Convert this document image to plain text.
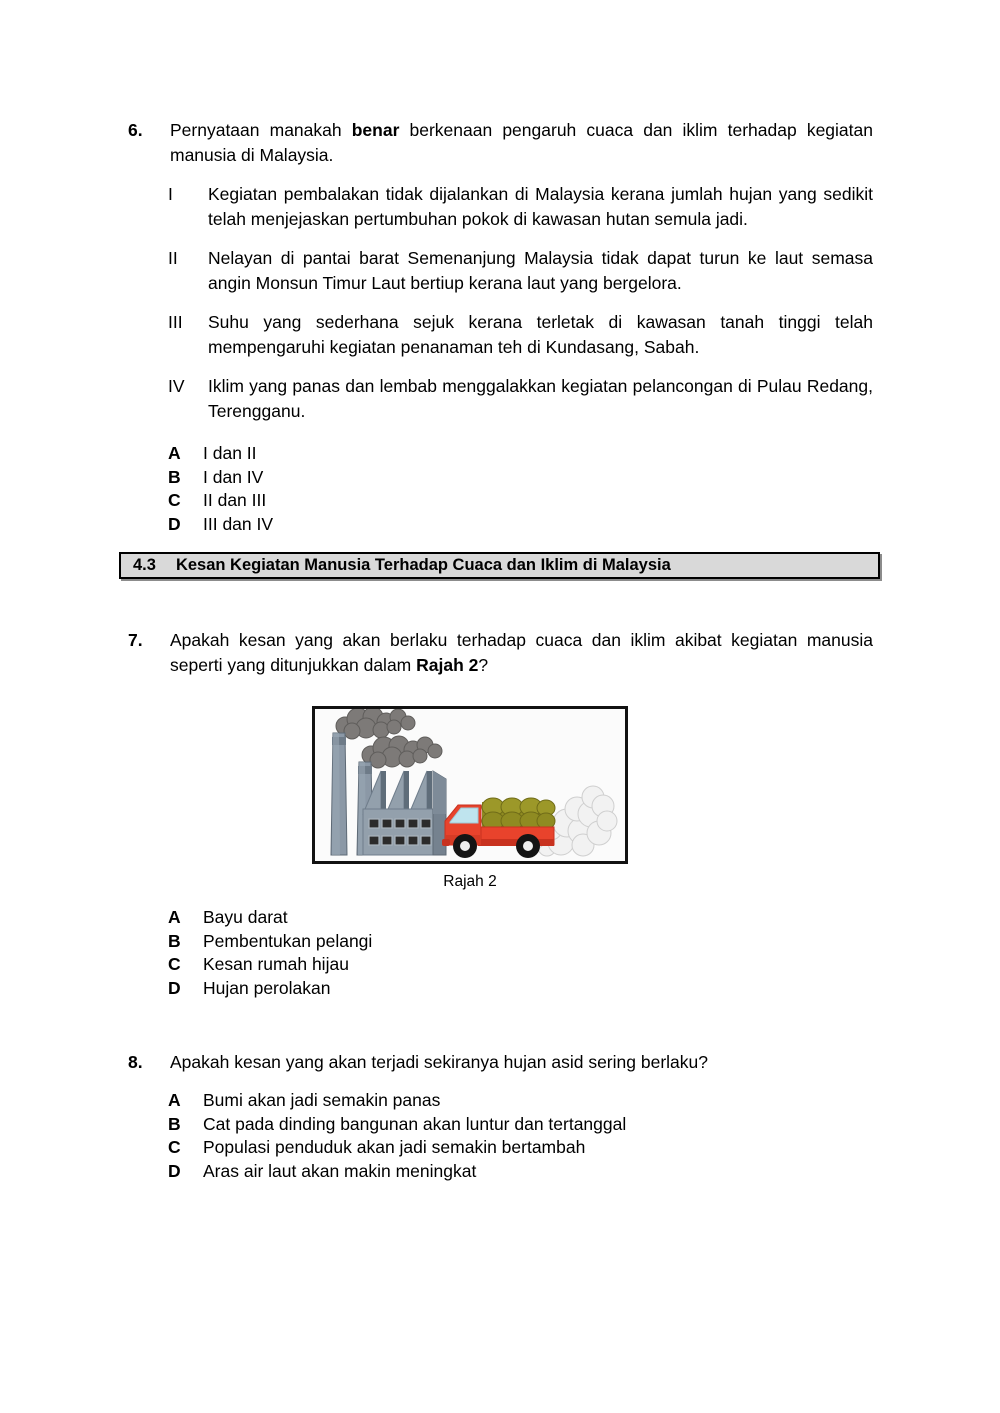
6.	Pernyataan manakah benar berkenaan pengaruh cuaca dan iklim terhadap kegiatan manusia di Malaysia.
I	Kegiatan pembalakan tidak dijalankan di Malaysia kerana jumlah hujan yang sedikit telah menjejaskan pertumbuhan pokok di kawasan hutan semula jadi.
II	Nelayan di pantai barat Semenanjung Malaysia tidak dapat turun ke laut semasa angin Monsun Timur Laut bertiup kerana laut yang bergelora.
III	Suhu yang sederhana sejuk kerana terletak di kawasan tanah tinggi telah mempengaruhi kegiatan penanaman teh di Kundasang, Sabah.
IV	Iklim yang panas dan lembab menggalakkan kegiatan pelancongan di Pulau Redang, Terengganu.
A	I dan II
B	I dan IV
C	II dan III
D	III dan IV
4.3 Kesan Kegiatan Manusia Terhadap Cuaca dan Iklim di Malaysia
7.	Apakah kesan yang akan berlaku terhadap cuaca dan iklim akibat kegiatan manusia seperti yang ditunjukkan dalam Rajah 2?
Rajah 2
A	Bayu darat
B	Pembentukan pelangi
C	Kesan rumah hijau
D	Hujan perolakan
8.	Apakah kesan yang akan terjadi sekiranya hujan asid sering berlaku?
A	Bumi akan jadi semakin panas
B	Cat pada dinding bangunan akan luntur dan tertanggal
C	Populasi penduduk akan jadi semakin bertambah
D	Aras air laut akan makin meningkat
